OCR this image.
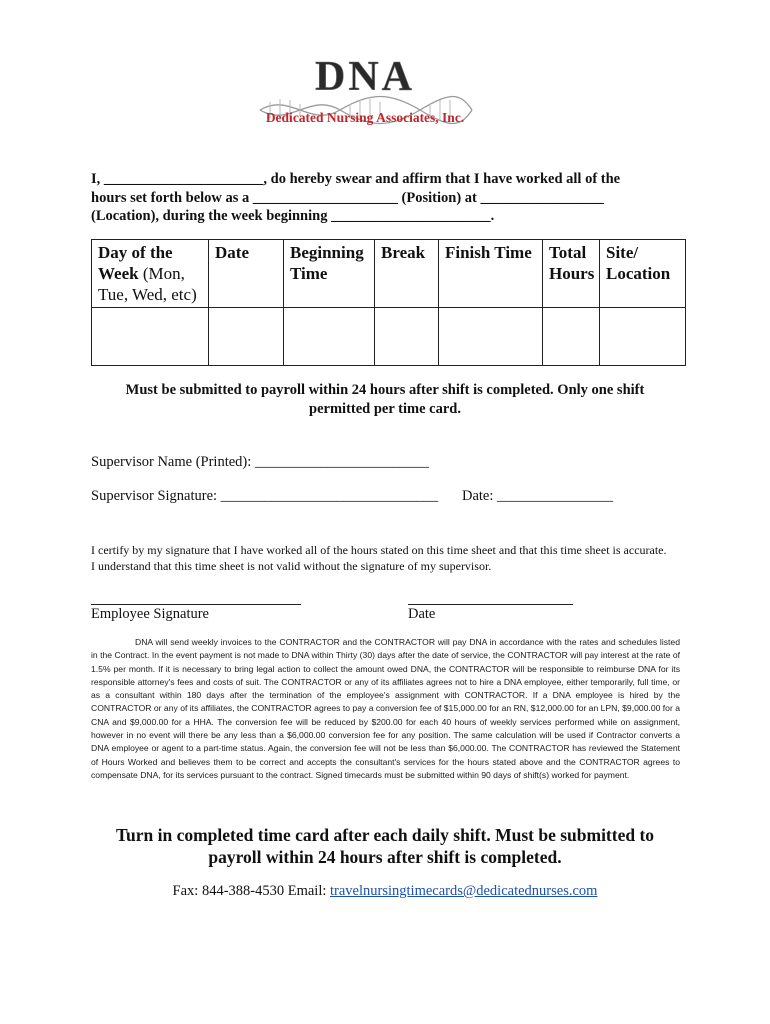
DNA
Dedicated Nursing Associates, Inc.
I, ______________________, do hereby swear and affirm that I have worked all of the
hours set forth below as a ____________________ (Position) at _________________
(Location), during the week beginning ______________________.
Day of the Week (Mon, Tue, Wed, etc)	Date	Beginning Time	Break	Finish Time	Total Hours	Site/ Location

Must be submitted to payroll within 24 hours after shift is completed. Only one shift permitted per time card.
Supervisor Name (Printed): ________________________
Supervisor Signature: ______________________________ Date: ________________
I certify by my signature that I have worked all of the hours stated on this time sheet and that this time sheet is accurate.
I understand that this time sheet is not valid without the signature of my supervisor.
Employee Signature	Date
DNA will send weekly invoices to the CONTRACTOR and the CONTRACTOR will pay DNA in accordance with the rates and schedules listed in the Contract. In the event payment is not made to DNA within Thirty (30) days after the date of service, the CONTRACTOR will pay interest at the rate of 1.5% per month. If it is necessary to bring legal action to collect the amount owed DNA, the CONTRACTOR will be responsible to reimburse DNA for its responsible attorney's fees and costs of suit. The CONTRACTOR or any of its affiliates agrees not to hire a DNA employee, either temporarily, full time, or as a consultant within 180 days after the termination of the employee's assignment with CONTRACTOR. If a DNA employee is hired by the CONTRACTOR or any of its affiliates, the CONTRACTOR agrees to pay a conversion fee of $15,000.00 for an RN, $12,000.00 for an LPN, $9,000.00 for a CNA and $9,000.00 for a HHA. The conversion fee will be reduced by $200.00 for each 40 hours of weekly services performed while on assignment, however in no event will there be any less than a $6,000.00 conversion fee for any position. The same calculation will be used if Contractor converts a DNA employee or agent to a part-time status. Again, the conversion fee will not be less than $6,000.00. The CONTRACTOR has reviewed the Statement of Hours Worked and believes them to be correct and accepts the consultant's services for the hours stated above and the CONTRACTOR agrees to compensate DNA, for its services pursuant to the contract. Signed timecards must be submitted within 90 days of shift(s) worked for payment.
Turn in completed time card after each daily shift. Must be submitted to payroll within 24 hours after shift is completed.
Fax: 844-388-4530 Email: travelnursingtimecards@dedicatednurses.com
